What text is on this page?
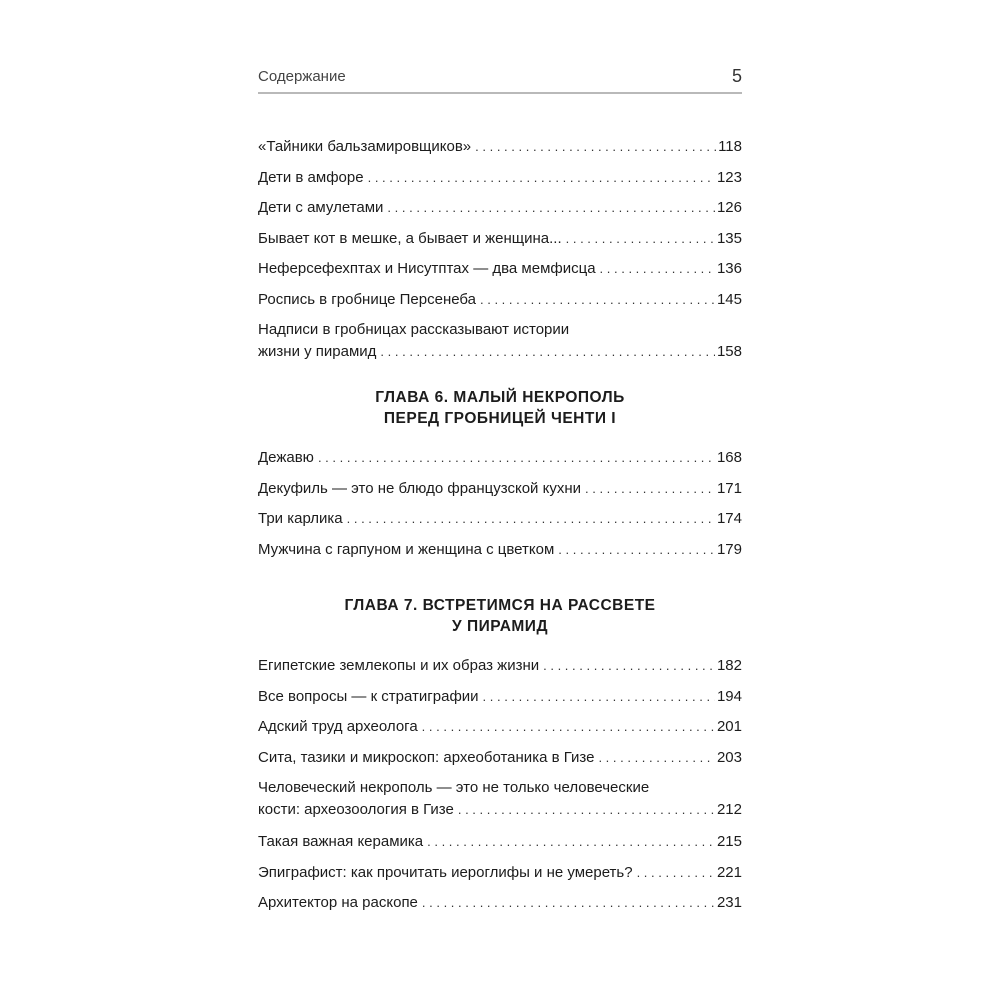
Содержание	5
«Тайники бальзамировщиков» . . .	118
Дети в амфоре . . .	123
Дети с амулетами . . .	126
Бывает кот в мешке, а бывает и женщина... . . .	135
Неферсефехптах и Нисутптах — два мемфисца . . .	136
Роспись в гробнице Персенеба . . .	145
Надписи в гробницах рассказывают истории
жизни у пирамид . . .	158
ГЛАВА 6. МАЛЫЙ НЕКРОПОЛЬ
ПЕРЕД ГРОБНИЦЕЙ ЧЕНТИ I
Дежавю . . .	168
Декуфиль — это не блюдо французской кухни . . .	171
Три карлика . . .	174
Мужчина с гарпуном и женщина с цветком . . .	179
ГЛАВА 7. ВСТРЕТИМСЯ НА РАССВЕТЕ
У ПИРАМИД
Египетские землекопы и их образ жизни . . .	182
Все вопросы — к стратиграфии . . .	194
Адский труд археолога . . .	201
Сита, тазики и микроскоп: археоботаника в Гизе . . .	203
Человеческий некрополь — это не только человеческие
кости: археозоология в Гизе . . .	212
Такая важная керамика . . .	215
Эпиграфист: как прочитать иероглифы и не умереть? . . .	221
Архитектор на раскопе . . .	231
